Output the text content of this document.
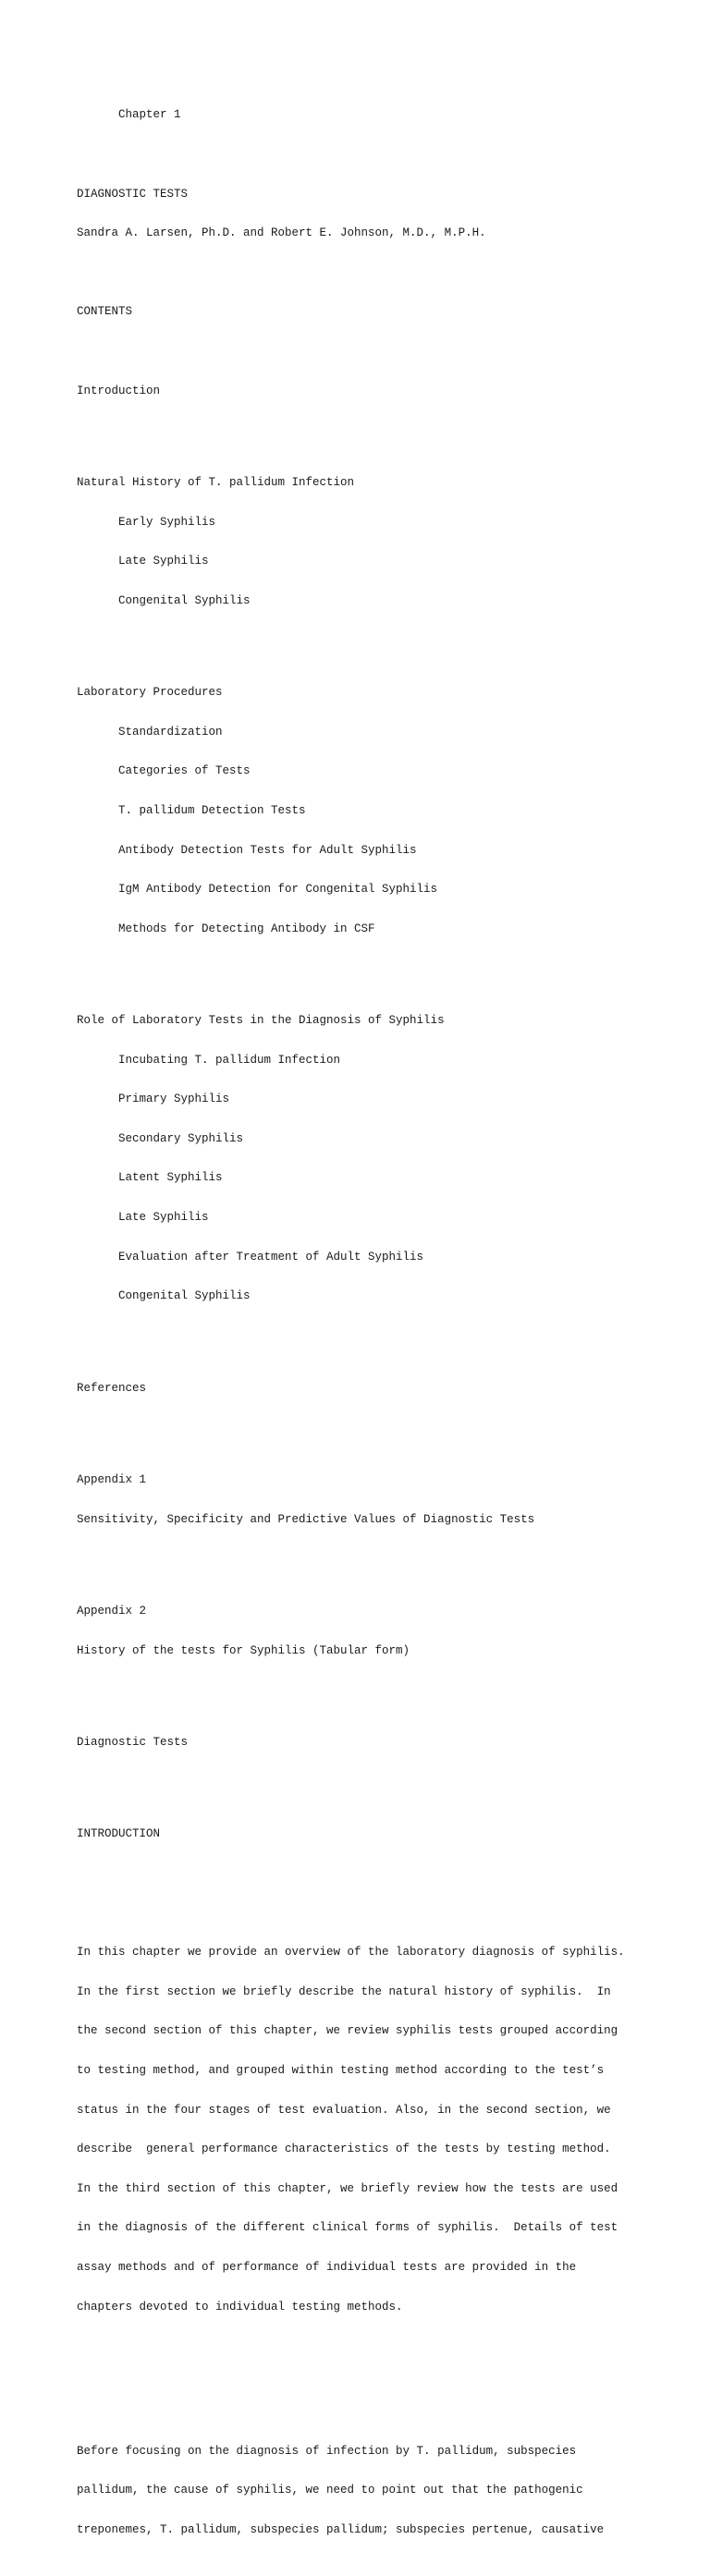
Chapter 1

DIAGNOSTIC TESTS

Sandra A. Larsen, Ph.D. and Robert E. Johnson, M.D., M.P.H.

CONTENTS

Introduction

Natural History of T. pallidum Infection

Early Syphilis

Late Syphilis

Congenital Syphilis

Laboratory Procedures

Standardization

Categories of Tests

T. pallidum Detection Tests

Antibody Detection Tests for Adult Syphilis

IgM Antibody Detection for Congenital Syphilis

Methods for Detecting Antibody in CSF

Role of Laboratory Tests in the Diagnosis of Syphilis

Incubating T. pallidum Infection

Primary Syphilis

Secondary Syphilis

Latent Syphilis

Late Syphilis

Evaluation after Treatment of Adult Syphilis

Congenital Syphilis

References

Appendix 1

Sensitivity, Specificity and Predictive Values of Diagnostic Tests

Appendix 2

History of the tests for Syphilis (Tabular form)

Diagnostic Tests

INTRODUCTION

In this chapter we provide an overview of the laboratory diagnosis of syphilis.

In the first section we briefly describe the natural history of syphilis.  In

the second section of this chapter, we review syphilis tests grouped according

to testing method, and grouped within testing method according to the test’s

status in the four stages of test evaluation. Also, in the second section, we

describe  general performance characteristics of the tests by testing method.

In the third section of this chapter, we briefly review how the tests are used

in the diagnosis of the different clinical forms of syphilis.  Details of test

assay methods and of performance of individual tests are provided in the

chapters devoted to individual testing methods.

Before focusing on the diagnosis of infection by T. pallidum, subspecies

pallidum, the cause of syphilis, we need to point out that the pathogenic

treponemes, T. pallidum, subspecies pallidum; subspecies pertenue, causative
